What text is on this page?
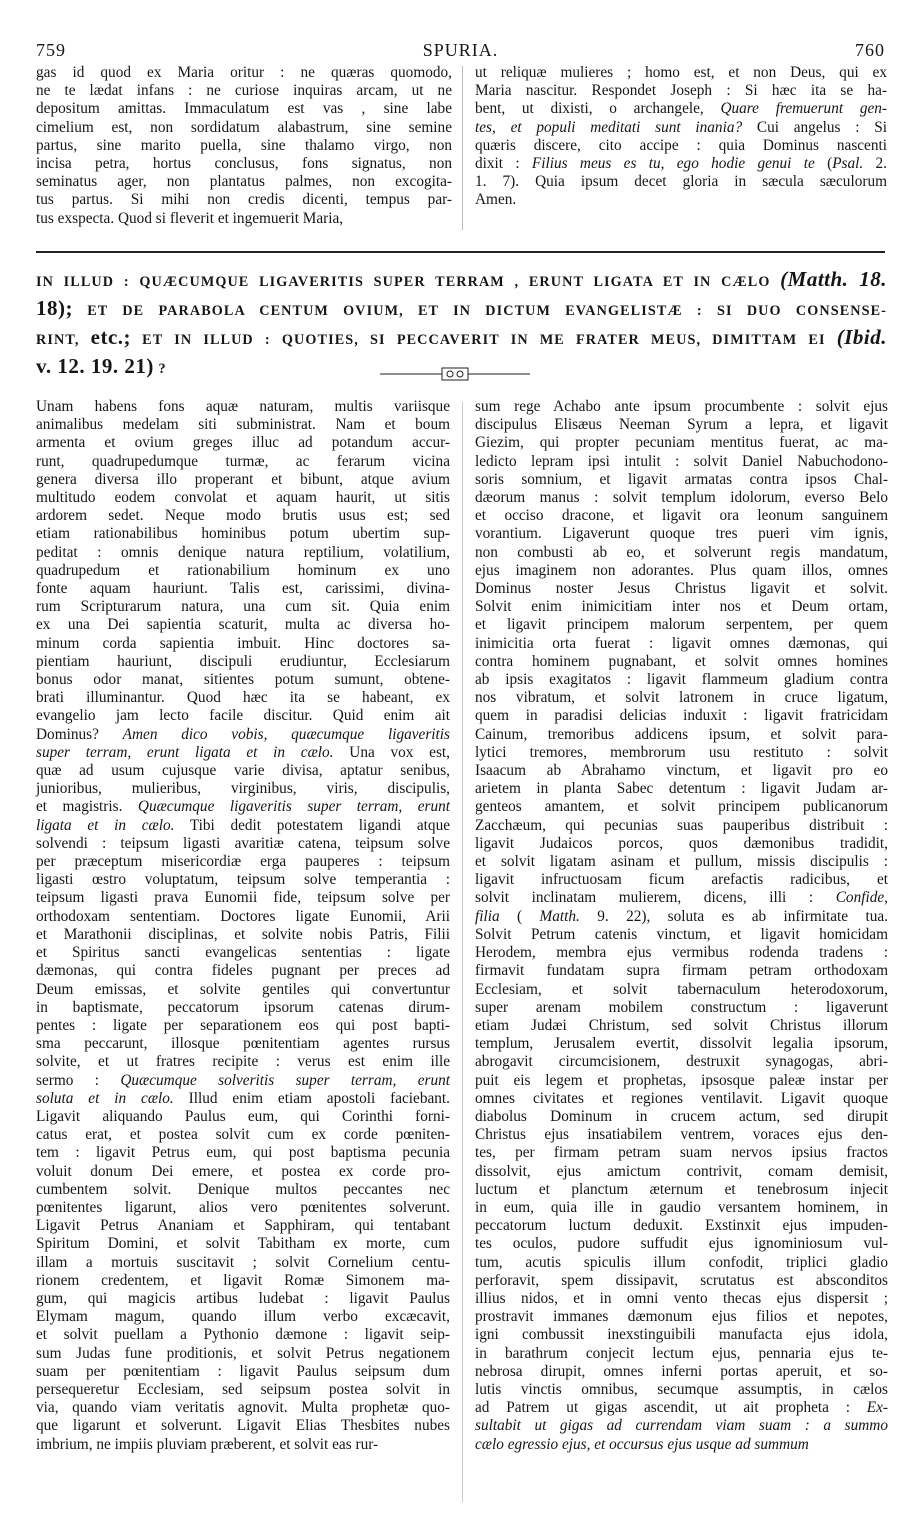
759	SPURIA.	760
gas id quod ex Maria oritur : ne quæras quomodo,
ne te lædat infans : ne curiose inquiras arcam, ut ne
depositum amittas. Immaculatum est vas , sine labe
cimelium est, non sordidatum alabastrum, sine semine
partus, sine marito puella, sine thalamo virgo, non
incisa petra, hortus conclusus, fons signatus, non
seminatus ager, non plantatus palmes, non excogita-
tus partus. Si mihi non credis dicenti, tempus par-
tus exspecta. Quod si fleverit et ingemuerit Maria,
ut reliquæ mulieres ; homo est, et non Deus, qui ex
Maria nascitur. Respondet Joseph : Si hæc ita se ha-
bent, ut dixisti, o archangele, Quare fremuerunt gen-
tes, et populi meditati sunt inania? Cui angelus : Si
quæris discere, cito accipe : quia Dominus nascenti
dixit : Filius meus es tu, ego hodie genui te (Psal. 2.
1. 7). Quia ipsum decet gloria in sæcula sæculorum
Amen.
IN ILLUD : QUÆCUMQUE LIGAVERITIS SUPER TERRAM , ERUNT LIGATA ET IN CÆLO (Matth. 18.
18); ET DE PARABOLA CENTUM OVIUM, ET IN DICTUM EVANGELISTÆ : SI DUO CONSENSE-
RINT, etc.; ET IN ILLUD : QUOTIES, SI PECCAVERIT IN ME FRATER MEUS, DIMITTAM EI (Ibid.
v. 12. 19. 21) ?
Unam habens fons aquæ naturam, multis variisque
animalibus medelam siti subministrat. Nam et boum
armenta et ovium greges illuc ad potandum accur-
runt, quadrupedumque turmæ, ac ferarum vicina
genera diversa illo properant et bibunt, atque avium
multitudo eodem convolat et aquam haurit, ut sitis
ardorem sedet. Neque modo brutis usus est; sed
etiam rationabilibus hominibus potum ubertim sup-
peditat : omnis denique natura reptilium, volatilium,
quadrupedum et rationabilium hominum ex uno
fonte aquam hauriunt. Talis est, carissimi, divina-
rum Scripturarum natura, una cum sit. Quia enim
ex una Dei sapientia scaturit, multa ac diversa ho-
minum corda sapientia imbuit. Hinc doctores sa-
pientiam hauriunt, discipuli erudiuntur, Ecclesiarum
bonus odor manat, sitientes potum sumunt, obtene-
brati illuminantur. Quod hæc ita se habeant, ex
evangelio jam lecto facile discitur. Quid enim ait
Dominus? Amen dico vobis, quæcumque ligaveritis
super terram, erunt ligata et in cælo. Una vox est,
quæ ad usum cujusque varie divisa, aptatur senibus,
junioribus, mulieribus, virginibus, viris, discipulis,
et magistris. Quæcumque ligaveritis super terram, erunt
ligata et in cælo. Tibi dedit potestatem ligandi atque
solvendi : teipsum ligasti avaritiæ catena, teipsum solve
per præceptum misericordiæ erga pauperes : teipsum
ligasti œstro voluptatum, teipsum solve temperantia :
teipsum ligasti prava Eunomii fide, teipsum solve per
orthodoxam sententiam. Doctores ligate Eunomii, Arii
et Marathonii disciplinas, et solvite nobis Patris, Filii
et Spiritus sancti evangelicas sententias : ligate
dæmonas, qui contra fideles pugnant per preces ad
Deum emissas, et solvite gentiles qui convertuntur
in baptismate, peccatorum ipsorum catenas dirum-
pentes : ligate per separationem eos qui post bapti-
sma peccarunt, illosque pœnitentiam agentes rursus
solvite, et ut fratres recipite : verus est enim ille
sermo : Quæcumque solveritis super terram, erunt
soluta et in cælo. Illud enim etiam apostoli faciebant.
Ligavit aliquando Paulus eum, qui Corinthi forni-
catus erat, et postea solvit cum ex corde pœniten-
tem : ligavit Petrus eum, qui post baptisma pecunia
voluit donum Dei emere, et postea ex corde pro-
cumbentem solvit. Denique multos peccantes nec
pœnitentes ligarunt, alios vero pœnitentes solverunt.
Ligavit Petrus Ananiam et Sapphiram, qui tentabant
Spiritum Domini, et solvit Tabitham ex morte, cum
illam a mortuis suscitavit ; solvit Cornelium centu-
rionem credentem, et ligavit Romæ Simonem ma-
gum, qui magicis artibus ludebat : ligavit Paulus
Elymam magum, quando illum verbo excæcavit,
et solvit puellam a Pythonio dæmone : ligavit seip-
sum Judas fune proditionis, et solvit Petrus negationem
suam per pœnitentiam : ligavit Paulus seipsum dum
persequeretur Ecclesiam, sed seipsum postea solvit in
via, quando viam veritatis agnovit. Multa prophetæ quo-
que ligarunt et solverunt. Ligavit Elias Thesbites nubes
imbrium, ne impiis pluviam præberent, et solvit eas rur-
sum rege Achabo ante ipsum procumbente : solvit ejus
discipulus Elisæus Neeman Syrum a lepra, et ligavit
Giezim, qui propter pecuniam mentitus fuerat, ac ma-
ledicto lepram ipsi intulit : solvit Daniel Nabuchodono-
soris somnium, et ligavit armatas contra ipsos Chal-
dæorum manus : solvit templum idolorum, everso Belo
et occiso dracone, et ligavit ora leonum sanguinem
vorantium. Ligaverunt quoque tres pueri vim ignis,
non combusti ab eo, et solverunt regis mandatum,
ejus imaginem non adorantes. Plus quam illos, omnes
Dominus noster Jesus Christus ligavit et solvit.
Solvit enim inimicitiam inter nos et Deum ortam,
et ligavit principem malorum serpentem, per quem
inimicitia orta fuerat : ligavit omnes dæmonas, qui
contra hominem pugnabant, et solvit omnes homines
ab ipsis exagitatos : ligavit flammeum gladium contra
nos vibratum, et solvit latronem in cruce ligatum,
quem in paradisi delicias induxit : ligavit fratricidam
Cainum, tremoribus addicens ipsum, et solvit para-
lytici tremores, membrorum usu restituto : solvit
Isaacum ab Abrahamo vinctum, et ligavit pro eo
arietem in planta Sabec detentum : ligavit Judam ar-
genteos amantem, et solvit principem publicanorum
Zacchæum, qui pecunias suas pauperibus distribuit :
ligavit Judaicos porcos, quos dæmonibus tradidit,
et solvit ligatam asinam et pullum, missis discipulis :
ligavit infructuosam ficum arefactis radicibus, et
solvit inclinatam mulierem, dicens, illi : Confide,
filia ( Matth. 9. 22), soluta es ab infirmitate tua.
Solvit Petrum catenis vinctum, et ligavit homicidam
Herodem, membra ejus vermibus rodenda tradens :
firmavit fundatam supra firmam petram orthodoxam
Ecclesiam, et solvit tabernaculum heterodoxorum,
super arenam mobilem constructum : ligaverunt
etiam Judæi Christum, sed solvit Christus illorum
templum, Jerusalem evertit, dissolvit legalia ipsorum,
abrogavit circumcisionem, destruxit synagogas, abri-
puit eis legem et prophetas, ipsosque paleæ instar per
omnes civitates et regiones ventilavit. Ligavit quoque
diabolus Dominum in crucem actum, sed dirupit
Christus ejus insatiabilem ventrem, voraces ejus den-
tes, per firmam petram suam nervos ipsius fractos
dissolvit, ejus amictum contrivit, comam demisit,
luctum et planctum æternum et tenebrosum injecit
in eum, quia ille in gaudio versantem hominem, in
peccatorum luctum deduxit. Exstinxit ejus impuden-
tes oculos, pudore suffudit ejus ignominiosum vul-
tum, acutis spiculis illum confodit, triplici gladio
perforavit, spem dissipavit, scrutatus est absconditos
illius nidos, et in omni vento thecas ejus dispersit ;
prostravit immanes dæmonum ejus filios et nepotes,
igni combussit inexstinguibili manufacta ejus idola,
in barathrum conjecit lectum ejus, pennaria ejus te-
nebrosa dirupit, omnes inferni portas aperuit, et so-
lutis vinctis omnibus, secumque assumptis, in cælos
ad Patrem ut gigas ascendit, ut ait propheta : Ex-
sultabit ut gigas ad currendam viam suam : a summo
cælo egressio ejus, et occursus ejus usque ad summum
